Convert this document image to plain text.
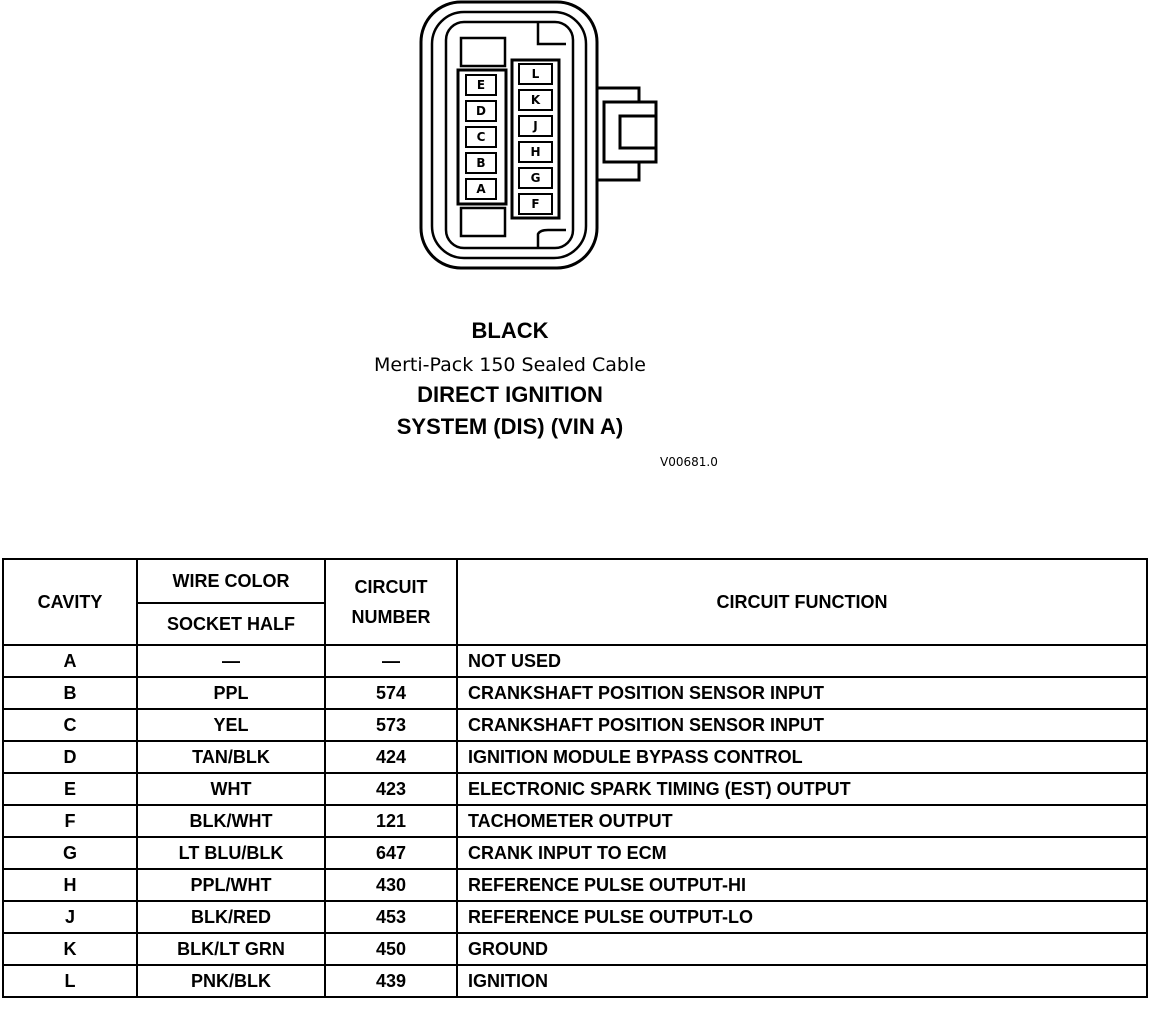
E
D
C
B
A
L
K
J
H
G
F
BLACK
Merti-Pack 150 Sealed Cable
DIRECT IGNITION
SYSTEM (DIS) (VIN A)
V00681.0
CAVITY	WIRE COLOR	CIRCUIT NUMBER	CIRCUIT FUNCTION
	SOCKET HALF		
A	—	—	NOT USED
B	PPL	574	CRANKSHAFT POSITION SENSOR INPUT
C	YEL	573	CRANKSHAFT POSITION SENSOR INPUT
D	TAN/BLK	424	IGNITION MODULE BYPASS CONTROL
E	WHT	423	ELECTRONIC SPARK TIMING (EST) OUTPUT
F	BLK/WHT	121	TACHOMETER OUTPUT
G	LT BLU/BLK	647	CRANK INPUT TO ECM
H	PPL/WHT	430	REFERENCE PULSE OUTPUT-HI
J	BLK/RED	453	REFERENCE PULSE OUTPUT-LO
K	BLK/LT GRN	450	GROUND
L	PNK/BLK	439	IGNITION
